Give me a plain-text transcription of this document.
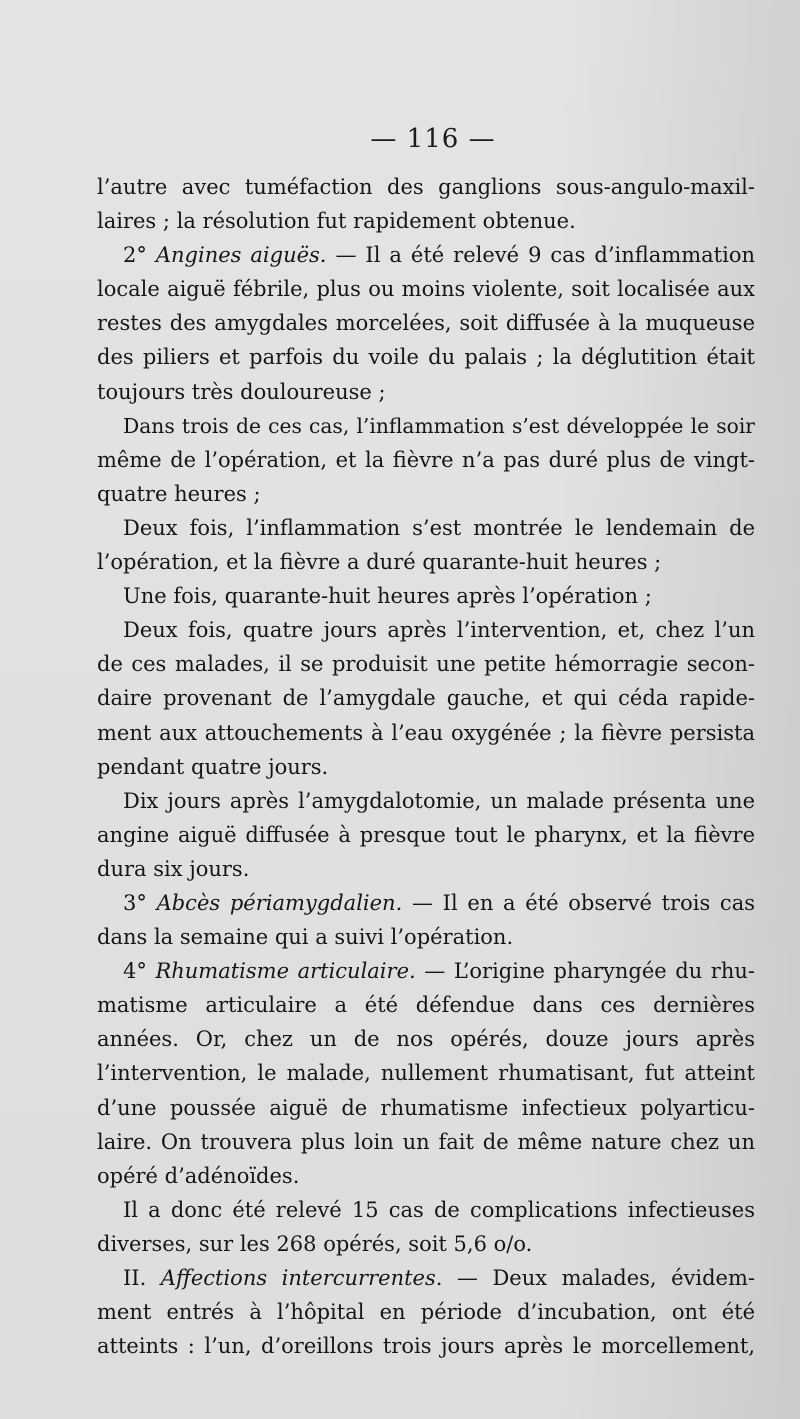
— 116 —
l’autre avec tuméfaction des ganglions sous-angulo-maxil-
laires ; la résolution fut rapidement obtenue.
2° Angines aiguës. — Il a été relevé 9 cas d’inflammation
locale aiguë fébrile, plus ou moins violente, soit localisée aux
restes des amygdales morcelées, soit diffusée à la muqueuse
des piliers et parfois du voile du palais ; la déglutition était
toujours très douloureuse ;
Dans trois de ces cas, l’inflammation s’est développée le soir
même de l’opération, et la fièvre n’a pas duré plus de vingt-
quatre heures ;
Deux fois, l’inflammation s’est montrée le lendemain de
l’opération, et la fièvre a duré quarante-huit heures ;
Une fois, quarante-huit heures après l’opération ;
Deux fois, quatre jours après l’intervention, et, chez l’un
de ces malades, il se produisit une petite hémorragie secon-
daire provenant de l’amygdale gauche, et qui céda rapide-
ment aux attouchements à l’eau oxygénée ; la fièvre persista
pendant quatre jours.
Dix jours après l’amygdalotomie, un malade présenta une
angine aiguë diffusée à presque tout le pharynx, et la fièvre
dura six jours.
3° Abcès périamygdalien. — Il en a été observé trois cas
dans la semaine qui a suivi l’opération.
4° Rhumatisme articulaire. — L’origine pharyngée du rhu-
matisme articulaire a été défendue dans ces dernières
années. Or, chez un de nos opérés, douze jours après
l’intervention, le malade, nullement rhumatisant, fut atteint
d’une poussée aiguë de rhumatisme infectieux polyarticu-
laire. On trouvera plus loin un fait de même nature chez un
opéré d’adénoïdes.
Il a donc été relevé 15 cas de complications infectieuses
diverses, sur les 268 opérés, soit 5,6 o/o.
II. Affections intercurrentes. — Deux malades, évidem-
ment entrés à l’hôpital en période d’incubation, ont été
atteints : l’un, d’oreillons trois jours après le morcellement,
